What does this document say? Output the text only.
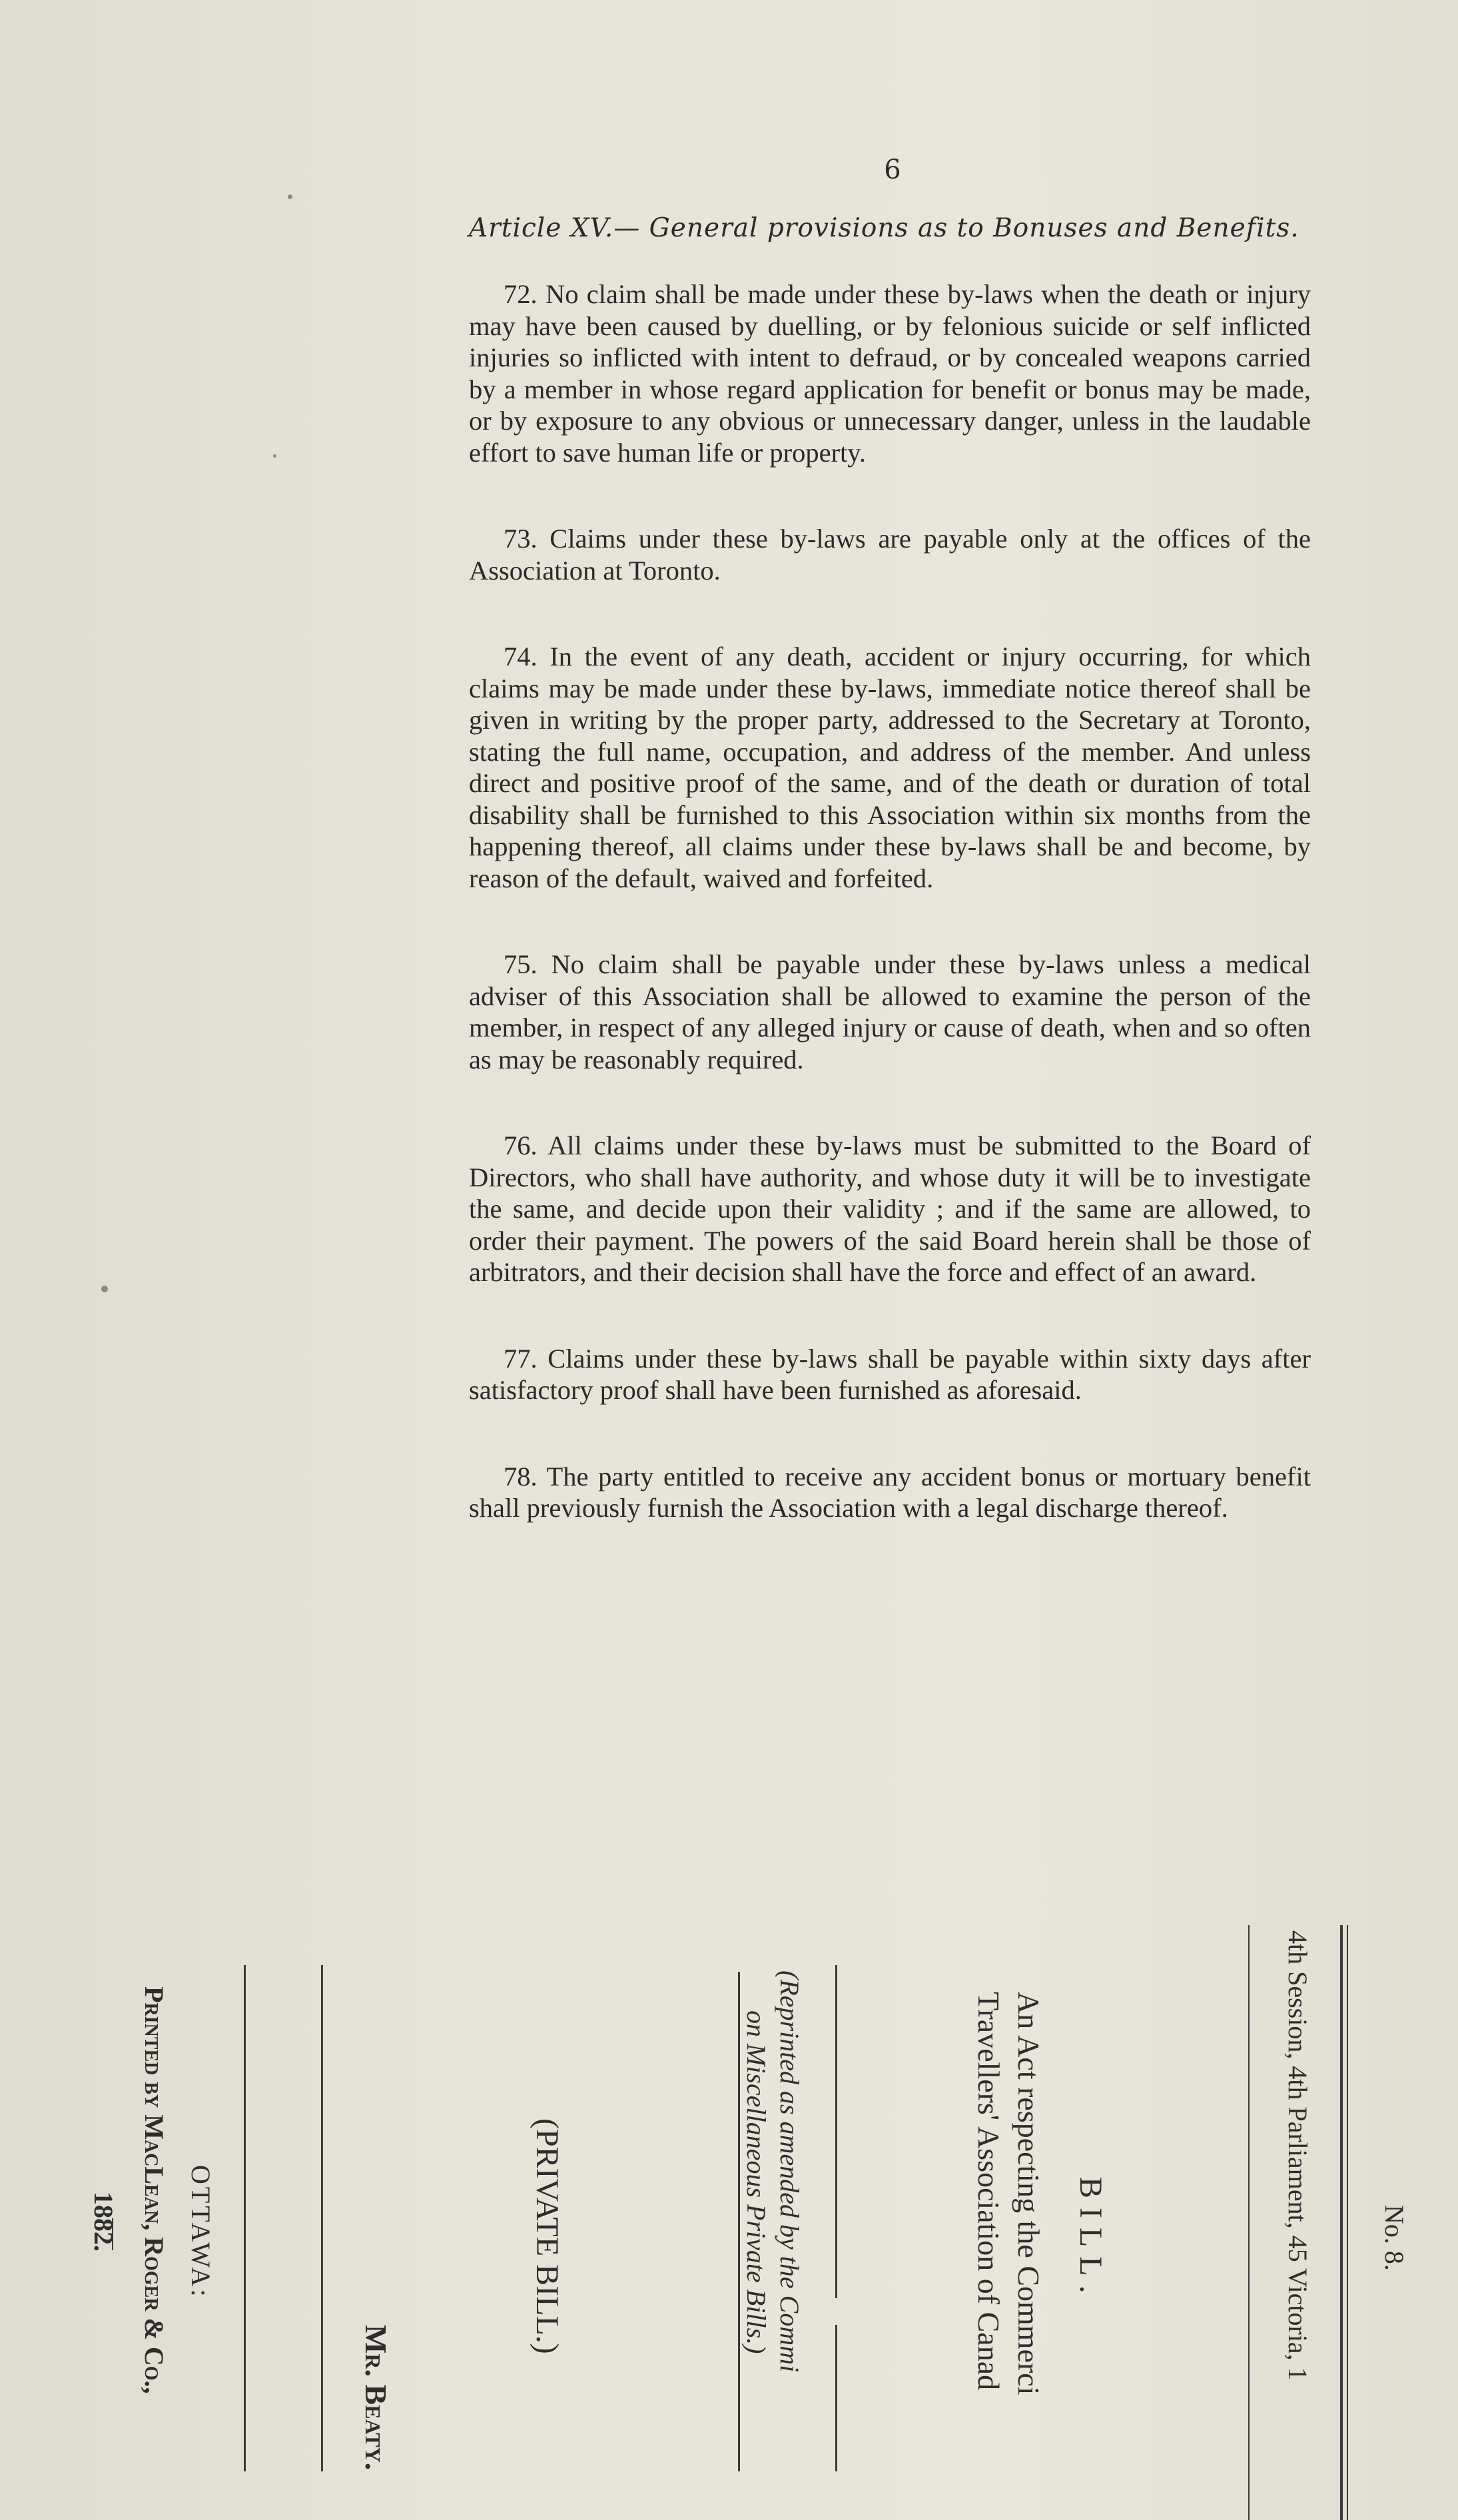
6
Article XV.— General provisions as to Bonuses and Benefits.

72. No claim shall be made under these by-laws when the death or injury may have been caused by duelling, or by felonious suicide or self inflicted injuries so inflicted with intent to defraud, or by concealed weapons carried by a member in whose regard application for benefit or bonus may be made, or by exposure to any obvious or unnecessary danger, unless in the laudable effort to save human life or property.

73. Claims under these by-laws are payable only at the offices of the Association at Toronto.

74. In the event of any death, accident or injury occurring, for which claims may be made under these by-laws, immediate notice thereof shall be given in writing by the proper party, addressed to the Secretary at Toronto, stating the full name, occupation, and address of the member. And unless direct and positive proof of the same, and of the death or duration of total disability shall be furnished to this Association within six months from the happening thereof, all claims under these by-laws shall be and become, by reason of the default, waived and forfeited.

75. No claim shall be payable under these by-laws unless a medical adviser of this Association shall be allowed to examine the person of the member, in respect of any alleged injury or cause of death, when and so often as may be reasonably required.

76. All claims under these by-laws must be submitted to the Board of Directors, who shall have authority, and whose duty it will be to investigate the same, and decide upon their validity ; and if the same are allowed, to order their payment. The powers of the said Board herein shall be those of arbitrators, and their decision shall have the force and effect of an award.

77. Claims under these by-laws shall be payable within sixty days after satisfactory proof shall have been furnished as aforesaid.

78. The party entitled to receive any accident bonus or mortuary benefit shall previously furnish the Association with a legal discharge thereof.

No. 8.
4th Session, 4th Parliament, 45 Victoria, 1
BILL.
An Act respecting the Commerci
Travellers' Association of Canad
(Reprinted as amended by the Commi
on Miscellaneous Private Bills.)
(PRIVATE BILL.)
Mr. Beaty.
OTTAWA:
Printed by MacLean, Roger & Co.,
1882.
